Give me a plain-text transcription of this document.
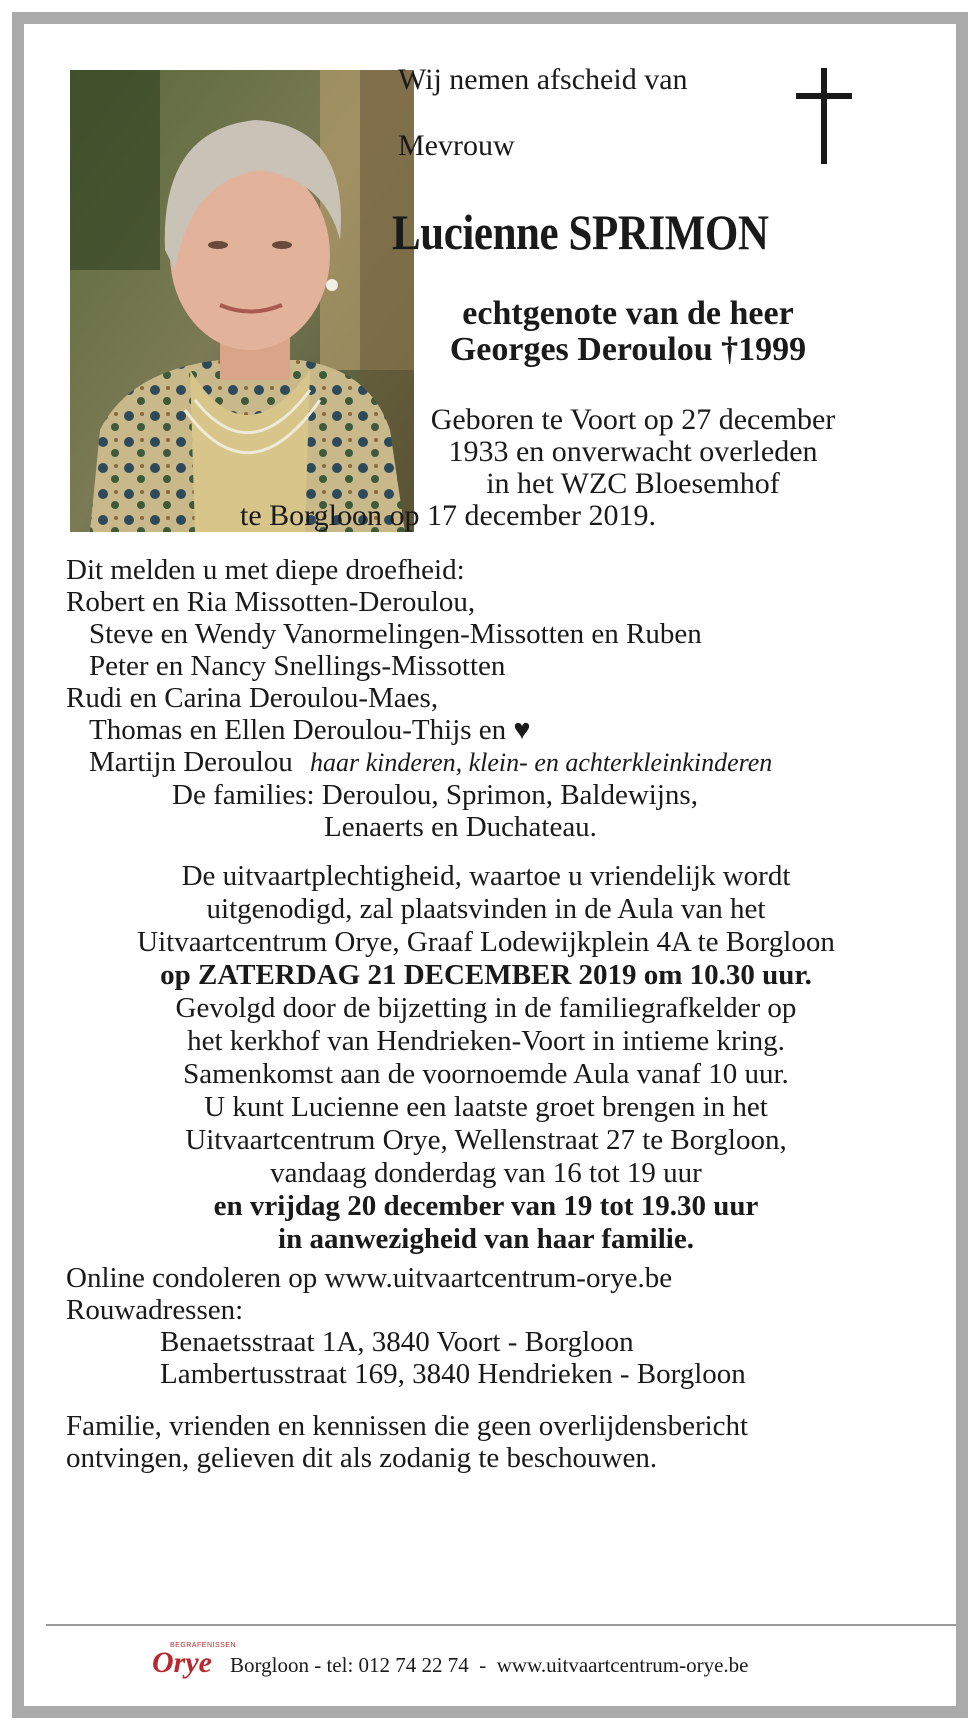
Wij nemen afscheid van
Mevrouw
Lucienne SPRIMON
echtgenote van de heer
Georges Deroulou †1999
Geboren te Voort op 27 december
1933 en onverwacht overleden
in het WZC Bloesemhof
te Borgloon op 17 december 2019.
Dit melden u met diepe droefheid:
Robert en Ria Missotten-Deroulou,
Steve en Wendy Vanormelingen-Missotten en Ruben
Peter en Nancy Snellings-Missotten
Rudi en Carina Deroulou-Maes,
Thomas en Ellen Deroulou-Thijs en ♥
Martijn Deroulou haar kinderen, klein- en achterkleinkinderen
De families: Deroulou, Sprimon, Baldewijns,
Lenaerts en Duchateau.
De uitvaartplechtigheid, waartoe u vriendelijk wordt
uitgenodigd, zal plaatsvinden in de Aula van het
Uitvaartcentrum Orye, Graaf Lodewijkplein 4A te Borgloon
op ZATERDAG 21 DECEMBER 2019 om 10.30 uur.
Gevolgd door de bijzetting in de familiegrafkelder op
het kerkhof van Hendrieken-Voort in intieme kring.
Samenkomst aan de voornoemde Aula vanaf 10 uur.
U kunt Lucienne een laatste groet brengen in het
Uitvaartcentrum Orye, Wellenstraat 27 te Borgloon,
vandaag donderdag van 16 tot 19 uur
en vrijdag 20 december van 19 tot 19.30 uur
in aanwezigheid van haar familie.
Online condoleren op www.uitvaartcentrum-orye.be
Rouwadressen:
Benaetsstraat 1A, 3840 Voort - Borgloon
Lambertusstraat 169, 3840 Hendrieken - Borgloon
Familie, vrienden en kennissen die geen overlijdensbericht
ontvingen, gelieven dit als zodanig te beschouwen.
BEGRAFENISSEN
Orye Borgloon - tel: 012 74 22 74  -  www.uitvaartcentrum-orye.be
